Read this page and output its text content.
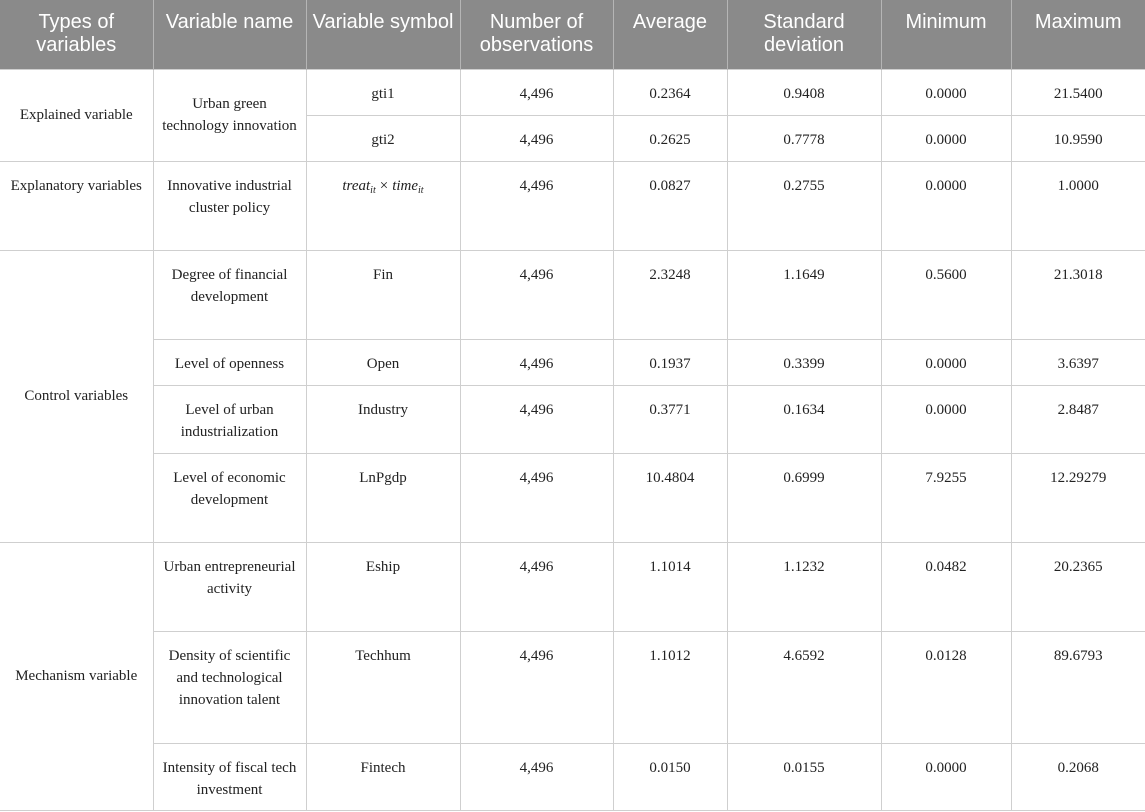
Types of variables	Variable name	Variable symbol	Number of observations	Average	Standard deviation	Minimum	Maximum
Explained variable	Urban green technology innovation	gti1	4,496	0.2364	0.9408	0.0000	21.5400
		gti2	4,496	0.2625	0.7778	0.0000	10.9590
Explanatory variables	Innovative industrial cluster policy	treat$_{it}$ × time$_{it}$	4,496	0.0827	0.2755	0.0000	1.0000
Control variables	Degree of financial development	Fin	4,496	2.3248	1.1649	0.5600	21.3018
	Level of openness	Open	4,496	0.1937	0.3399	0.0000	3.6397
	Level of urban industrialization	Industry	4,496	0.3771	0.1634	0.0000	2.8487
	Level of economic development	LnPgdp	4,496	10.4804	0.6999	7.9255	12.29279
Mechanism variable	Urban entrepreneurial activity	Eship	4,496	1.1014	1.1232	0.0482	20.2365
	Density of scientific and technological innovation talent	Techhum	4,496	1.1012	4.6592	0.0128	89.6793
	Intensity of fiscal tech investment	Fintech	4,496	0.0150	0.0155	0.0000	0.2068
